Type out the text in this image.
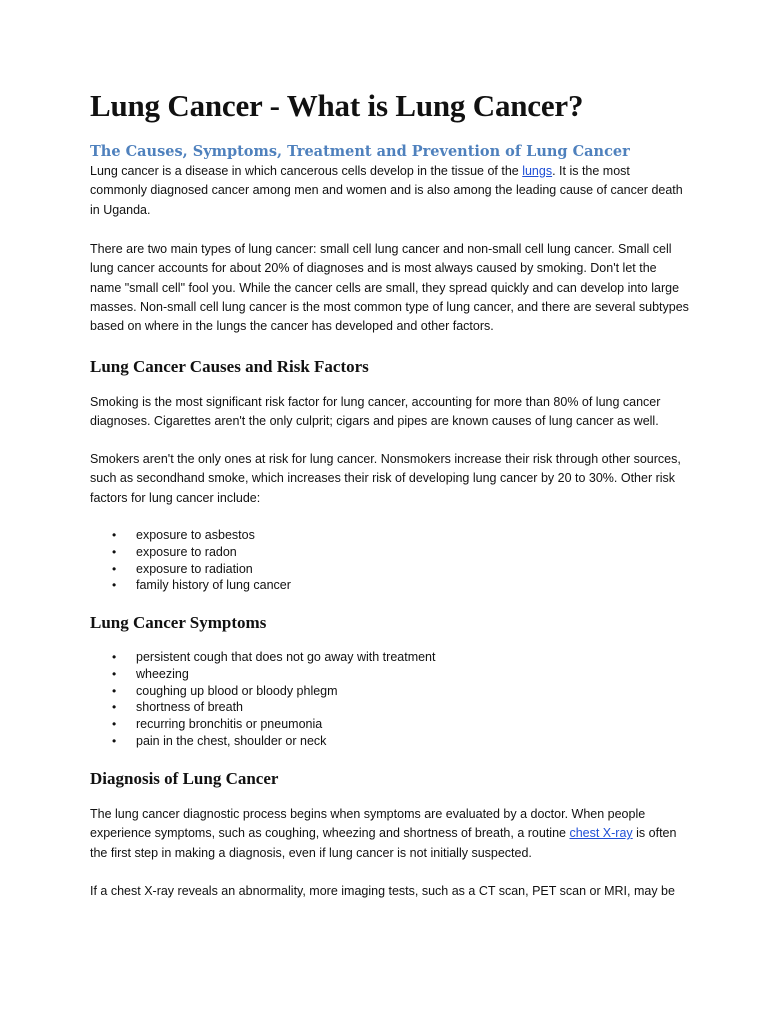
Lung Cancer - What is Lung Cancer?
The Causes, Symptoms, Treatment and Prevention of Lung Cancer

Lung cancer is a disease in which cancerous cells develop in the tissue of the lungs. It is the most commonly diagnosed cancer among men and women and is also among the leading cause of cancer death in Uganda.

There are two main types of lung cancer: small cell lung cancer and non-small cell lung cancer. Small cell lung cancer accounts for about 20% of diagnoses and is most always caused by smoking. Don't let the name "small cell" fool you. While the cancer cells are small, they spread quickly and can develop into large masses. Non-small cell lung cancer is the most common type of lung cancer, and there are several subtypes based on where in the lungs the cancer has developed and other factors.

Lung Cancer Causes and Risk Factors

Smoking is the most significant risk factor for lung cancer, accounting for more than 80% of lung cancer diagnoses. Cigarettes aren't the only culprit; cigars and pipes are known causes of lung cancer as well.

Smokers aren't the only ones at risk for lung cancer. Nonsmokers increase their risk through other sources, such as secondhand smoke, which increases their risk of developing lung cancer by 20 to 30%. Other risk factors for lung cancer include:

• exposure to asbestos
• exposure to radon
• exposure to radiation
• family history of lung cancer
Lung Cancer Symptoms
• persistent cough that does not go away with treatment
• wheezing
• coughing up blood or bloody phlegm
• shortness of breath
• recurring bronchitis or pneumonia
• pain in the chest, shoulder or neck
Diagnosis of Lung Cancer

The lung cancer diagnostic process begins when symptoms are evaluated by a doctor. When people experience symptoms, such as coughing, wheezing and shortness of breath, a routine chest X-ray is often the first step in making a diagnosis, even if lung cancer is not initially suspected.

If a chest X-ray reveals an abnormality, more imaging tests, such as a CT scan, PET scan or MRI, may be
